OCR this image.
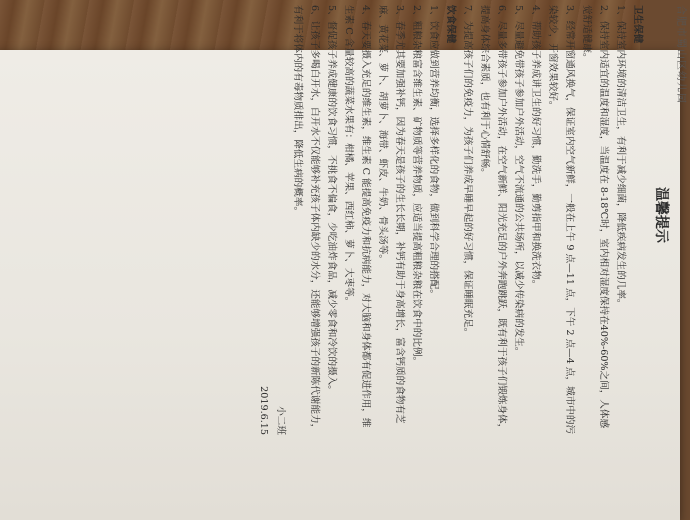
合肥市蜀山区幼儿园
温馨提示

卫生保健

1、保持室内环境的清洁卫生，有利于减少细菌，降低疾病发生的几率。

2、保持室内适宜的温度和湿度，当温度在 8-18℃时，室内相对湿度保持在40%-60%之间，人体感觉舒适健康。

3、经常开窗通风换气，保证室内空气新鲜，一般在上午 9 点—11 点，下午 2 点—4 点，城市中的污染较少，开窗效果较好。

4、帮助孩子养成讲卫生的好习惯，勤洗手，勤剪指甲和换洗衣物。

5、尽量避免带孩子参加户外活动，空气不流通的公共场所，以减少传染病的发生。

6、尽量多带孩子参加户外活动，在空气新鲜、阳光充足的户外奔跑跳跃，既有利于孩子们锻炼身体，提高身体综合素质，也有利于心情舒畅。

7、为提高孩子们的免疫力，为孩子们养成早睡早起的好习惯，保证睡眠充足。

饮食保健

1、饮食应做到营养均衡，选择多样化的食物，做到科学合理的搭配。

2、粗粮杂粮富含维生素、矿物质等营养物质，应适当提高粗粮杂粮在饮食中的比例。

3、春季尤其要加强补钙，因为春天是孩子的生长长期，补钙有助于身高增长，富含钙质的食物有芝麻、黄花菜、萝卜、胡萝卜、海带、虾皮、牛奶、骨头汤等。

4、春天要摄入充足的维生素，维生素 C 能提高免疫力和抗病能力，对大脑和身体都有促进作用，维生素 C 含量较高的蔬菜水果有：柑橘、苹果、西红柿、萝卜、大枣等。

5、督促孩子养成健康的饮食习惯，不挑食不偏食，少吃油炸食品，减少零食和冷饮的摄入。

6、让孩子多喝白开水，白开水不仅能够补充孩子体内缺少的水分，还能够增强孩子的新陈代谢能力，有利于将体内的有毒物质排出，降低生病的概率。

小二班

2019.6.15
